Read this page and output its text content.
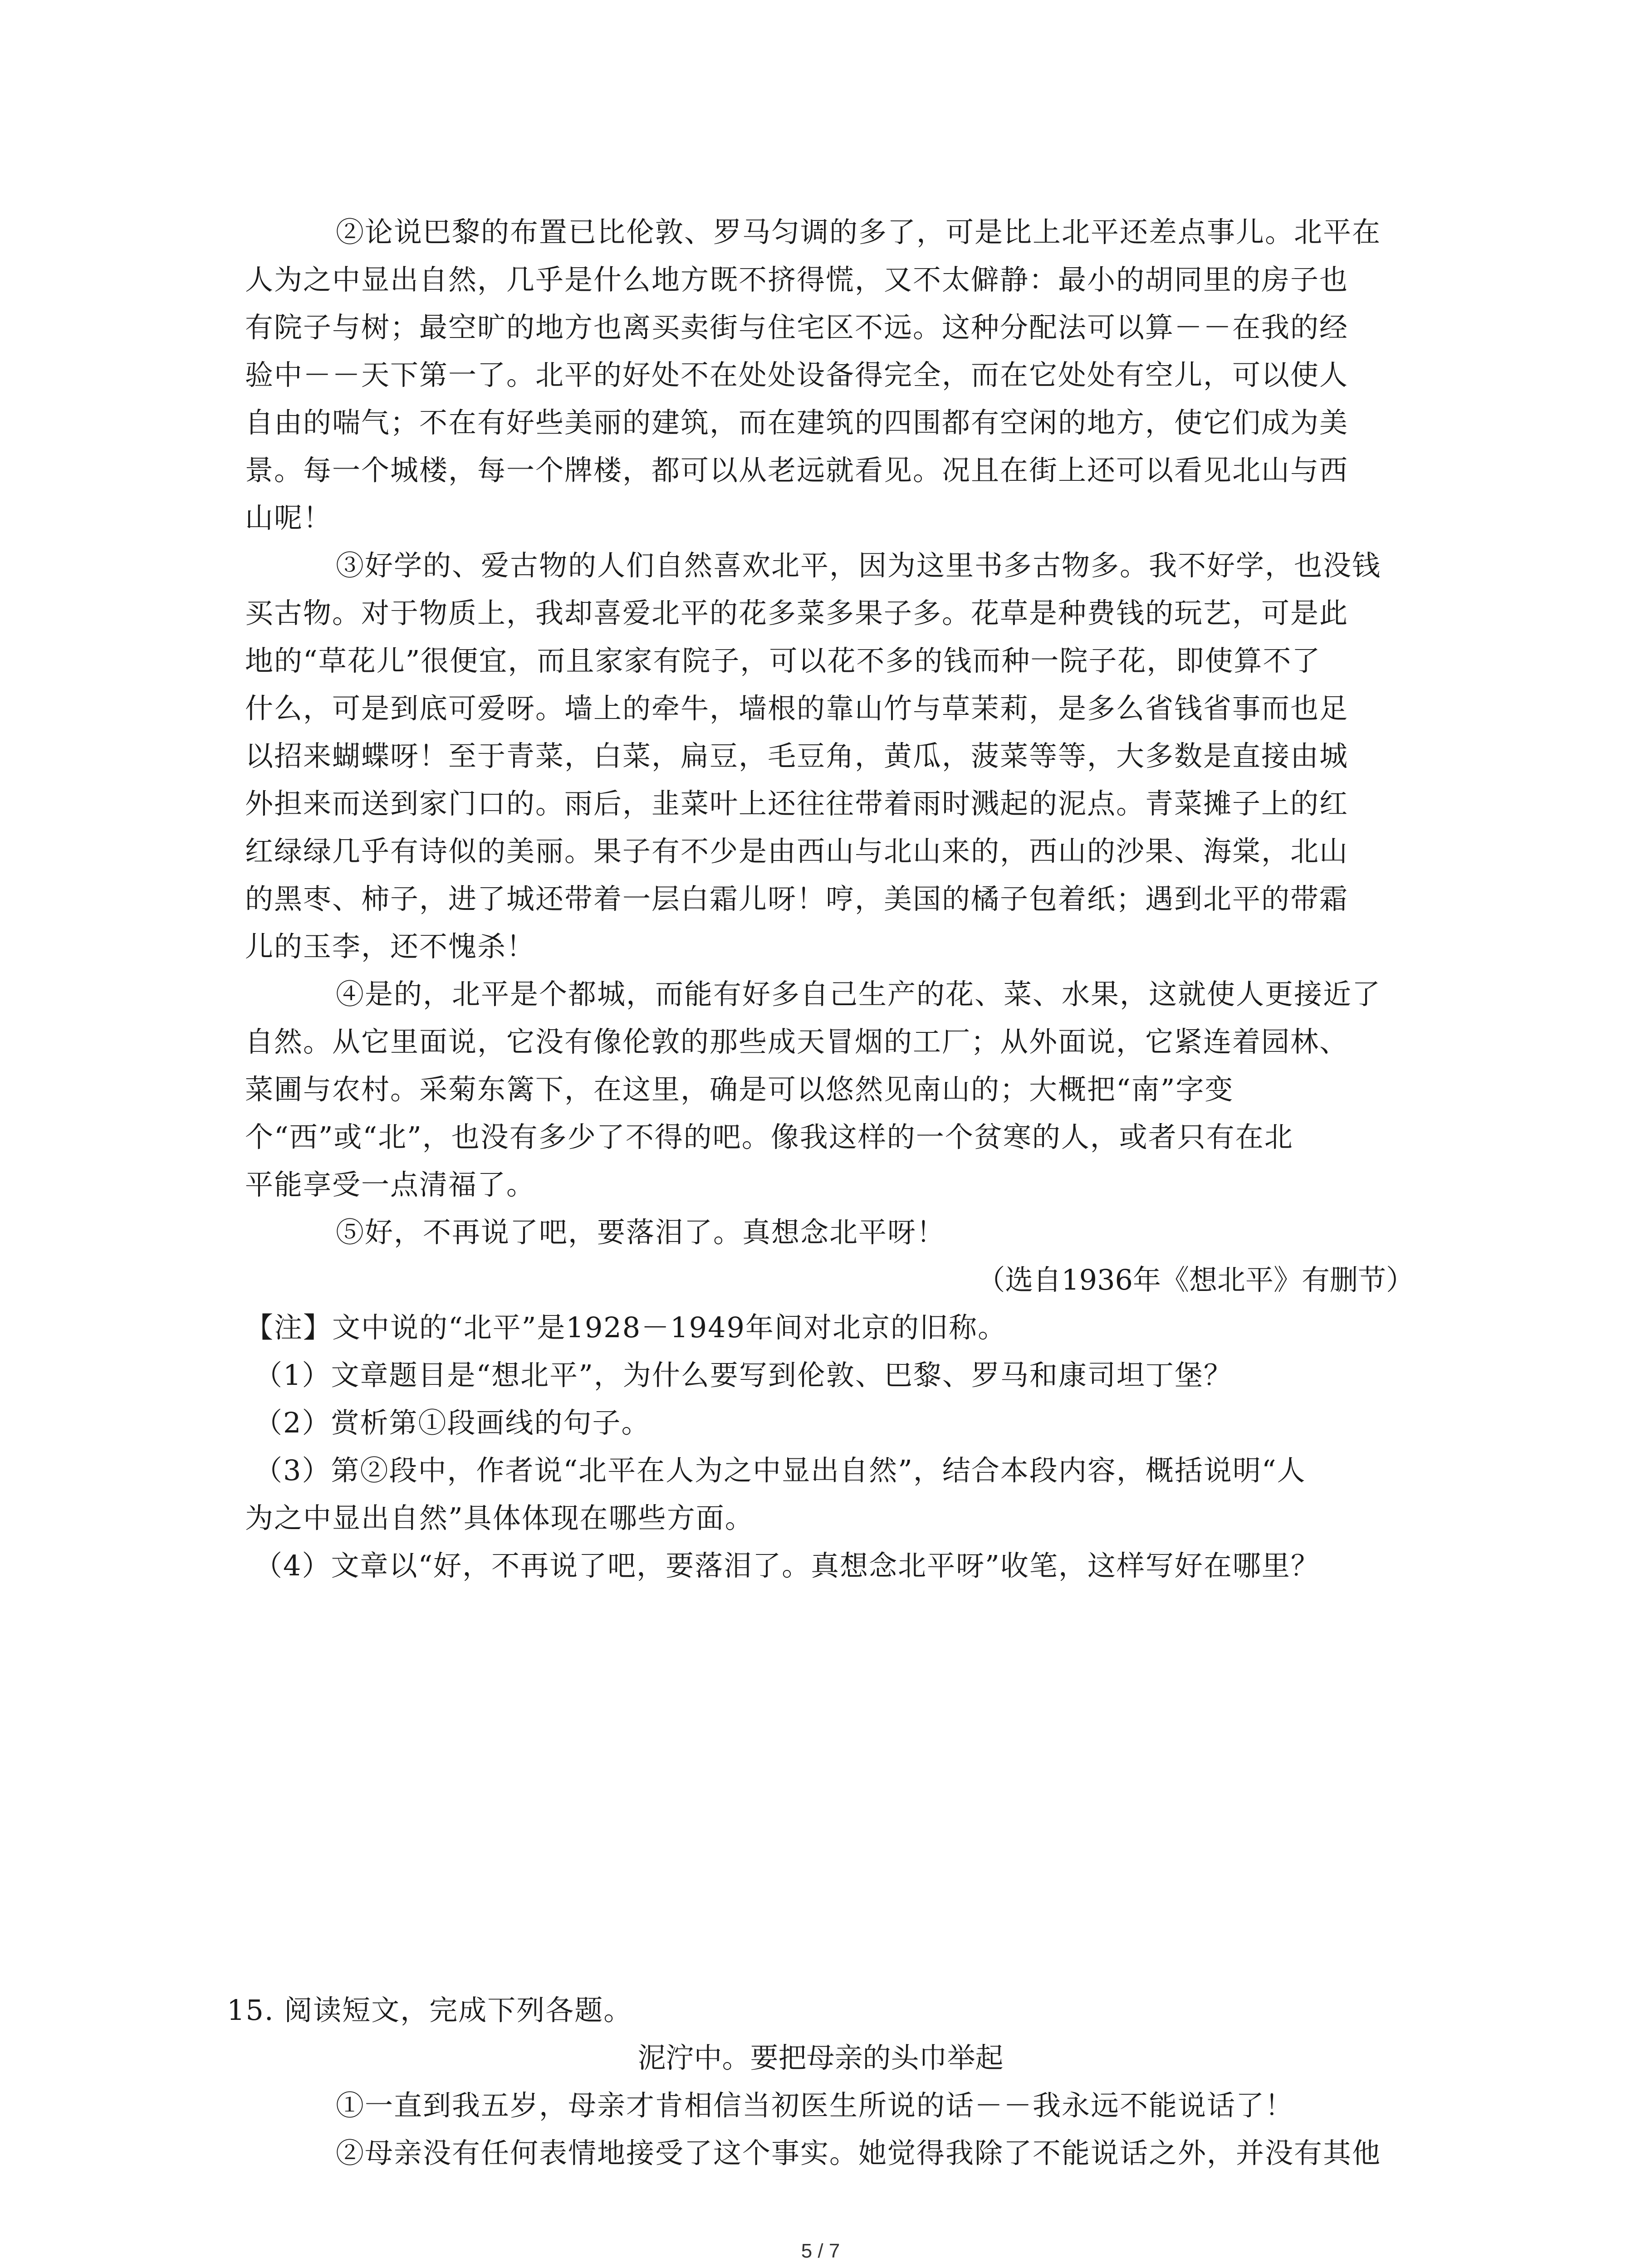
②论说巴黎的布置已比伦敦、罗马匀调的多了，可是比上北平还差点事儿。北平在
人为之中显出自然，几乎是什么地方既不挤得慌，又不太僻静：最小的胡同里的房子也
有院子与树；最空旷的地方也离买卖街与住宅区不远。这种分配法可以算－－在我的经
验中－－天下第一了。北平的好处不在处处设备得完全，而在它处处有空儿，可以使人
自由的喘气；不在有好些美丽的建筑，而在建筑的四围都有空闲的地方，使它们成为美
景。每一个城楼，每一个牌楼，都可以从老远就看见。况且在街上还可以看见北山与西
山呢！
③好学的、爱古物的人们自然喜欢北平，因为这里书多古物多。我不好学，也没钱
买古物。对于物质上，我却喜爱北平的花多菜多果子多。花草是种费钱的玩艺，可是此
地的“草花儿”很便宜，而且家家有院子，可以花不多的钱而种一院子花，即使算不了
什么，可是到底可爱呀。墙上的牵牛，墙根的靠山竹与草茉莉，是多么省钱省事而也足
以招来蝴蝶呀！至于青菜，白菜，扁豆，毛豆角，黄瓜，菠菜等等，大多数是直接由城
外担来而送到家门口的。雨后，韭菜叶上还往往带着雨时溅起的泥点。青菜摊子上的红
红绿绿几乎有诗似的美丽。果子有不少是由西山与北山来的，西山的沙果、海棠，北山
的黑枣、柿子，进了城还带着一层白霜儿呀！哼，美国的橘子包着纸；遇到北平的带霜
儿的玉李，还不愧杀！
④是的，北平是个都城，而能有好多自己生产的花、菜、水果，这就使人更接近了
自然。从它里面说，它没有像伦敦的那些成天冒烟的工厂；从外面说，它紧连着园林、
菜圃与农村。采菊东篱下，在这里，确是可以悠然见南山的；大概把“南”字变
个“西”或“北”，也没有多少了不得的吧。像我这样的一个贫寒的人，或者只有在北
平能享受一点清福了。
⑤好，不再说了吧，要落泪了。真想念北平呀！
（选自1936年《想北平》有删节）
【注】文中说的“北平”是1928－1949年间对北京的旧称。
（1）文章题目是“想北平”，为什么要写到伦敦、巴黎、罗马和康司坦丁堡？
（2）赏析第①段画线的句子。
（3）第②段中，作者说“北平在人为之中显出自然”，结合本段内容，概括说明“人
为之中显出自然”具体体现在哪些方面。
（4）文章以“好，不再说了吧，要落泪了。真想念北平呀”收笔，这样写好在哪里？
15. 阅读短文，完成下列各题。
泥泞中。要把母亲的头巾举起
①一直到我五岁，母亲才肯相信当初医生所说的话－－我永远不能说话了！
②母亲没有任何表情地接受了这个事实。她觉得我除了不能说话之外，并没有其他
5 / 7
